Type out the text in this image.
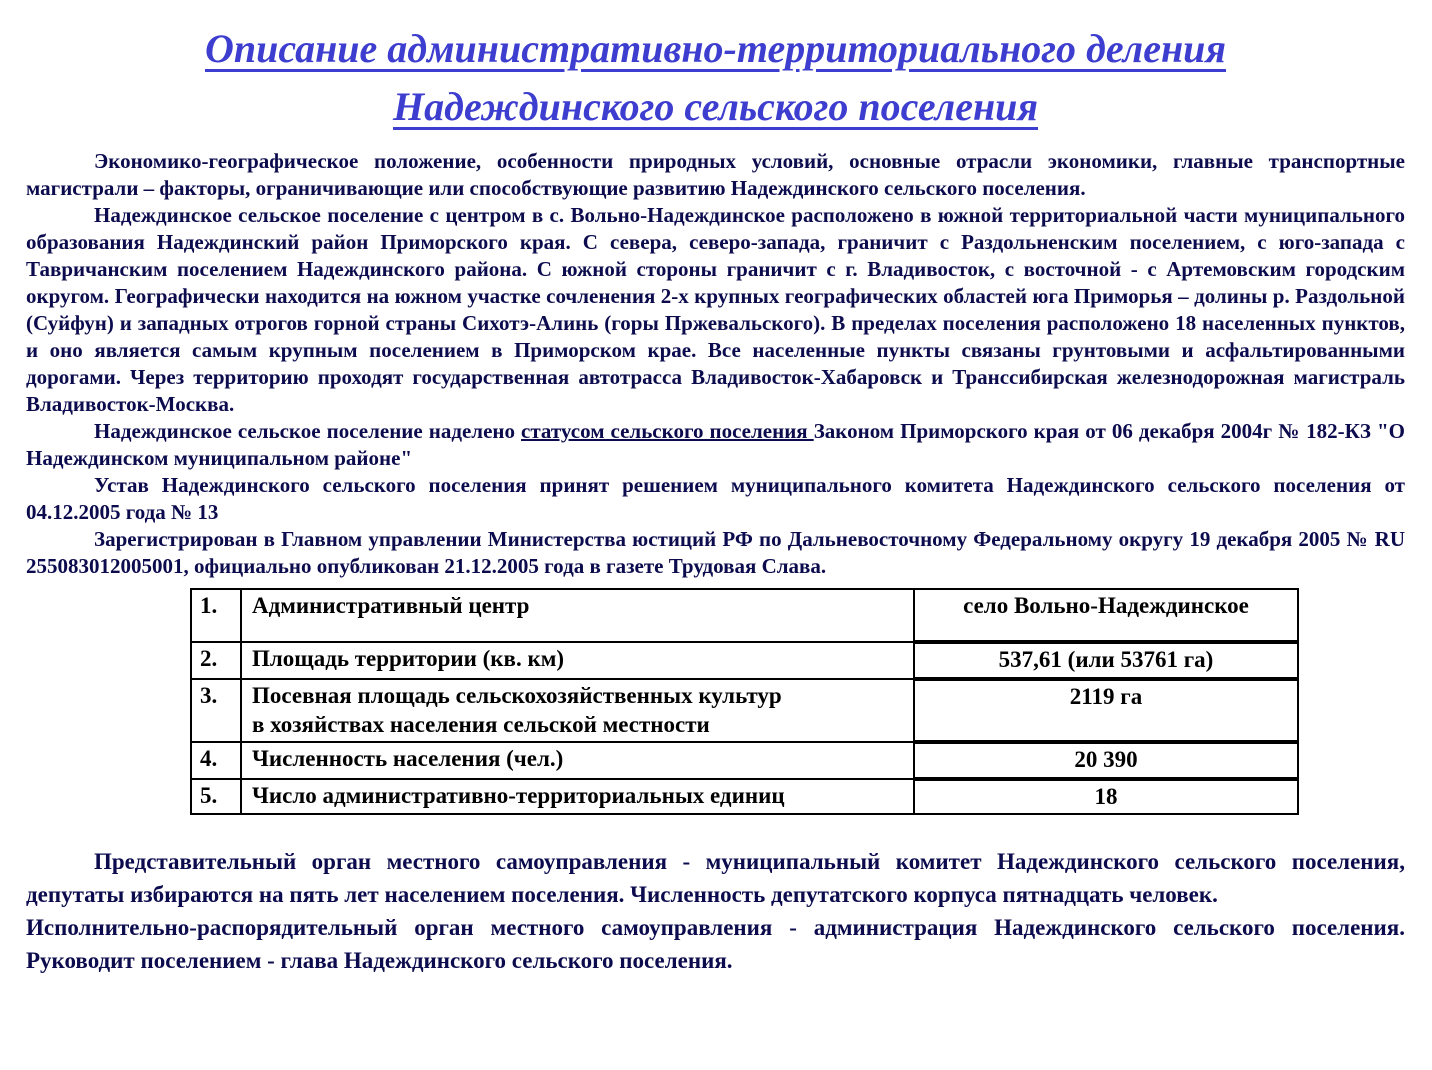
Описание административно-территориального деления
Надеждинского сельского поселения

Экономико-географическое положение, особенности природных условий, основные отрасли экономики, главные транспортные магистрали – факторы, ограничивающие или способствующие развитию Надеждинского сельского поселения.

Надеждинское сельское поселение с центром в с. Вольно-Надеждинское расположено в южной территориальной части муниципального образования Надеждинский район Приморского края. С севера, северо-запада, граничит с Раздольненским поселением, с юго-запада с Тавричанским поселением Надеждинского района. С южной стороны граничит с г. Владивосток, с восточной - с Артемовским городским округом. Географически находится на южном участке сочленения 2-х крупных географических областей юга Приморья – долины р. Раздольной (Суйфун) и западных отрогов горной страны Сихотэ-Алинь (горы Пржевальского). В пределах поселения расположено 18 населенных пунктов, и оно является самым крупным поселением в Приморском крае. Все населенные пункты связаны грунтовыми и асфальтированными дорогами. Через территорию проходят государственная автотрасса Владивосток-Хабаровск и Транссибирская железнодорожная магистраль Владивосток-Москва.

Надеждинское сельское поселение наделено статусом сельского поселения Законом Приморского края от 06 декабря 2004г № 182-КЗ "О Надеждинском муниципальном районе"

Устав Надеждинского сельского поселения принят решением муниципального комитета Надеждинского сельского поселения от 04.12.2005 года № 13

Зарегистрирован в Главном управлении Министерства юстиций РФ по Дальневосточному Федеральному округу 19 декабря 2005 № RU 255083012005001, официально опубликован 21.12.2005 года в газете Трудовая Слава.

1.	Административный центр	село Вольно-Надеждинское
2.	Площадь территории (кв. км)	537,61 (или 53761 га)
3.	Посевная площадь сельскохозяйственных культур
в хозяйствах населения сельской местности	2119 га
4.	Численность населения (чел.)	20 390
5.	Число административно-территориальных единиц	18

Представительный орган местного самоуправления - муниципальный комитет Надеждинского сельского поселения, депутаты избираются на пять лет населением поселения. Численность депутатского корпуса пятнадцать человек.

Исполнительно-распорядительный орган местного самоуправления - администрация Надеждинского сельского поселения. Руководит поселением - глава Надеждинского сельского поселения.
